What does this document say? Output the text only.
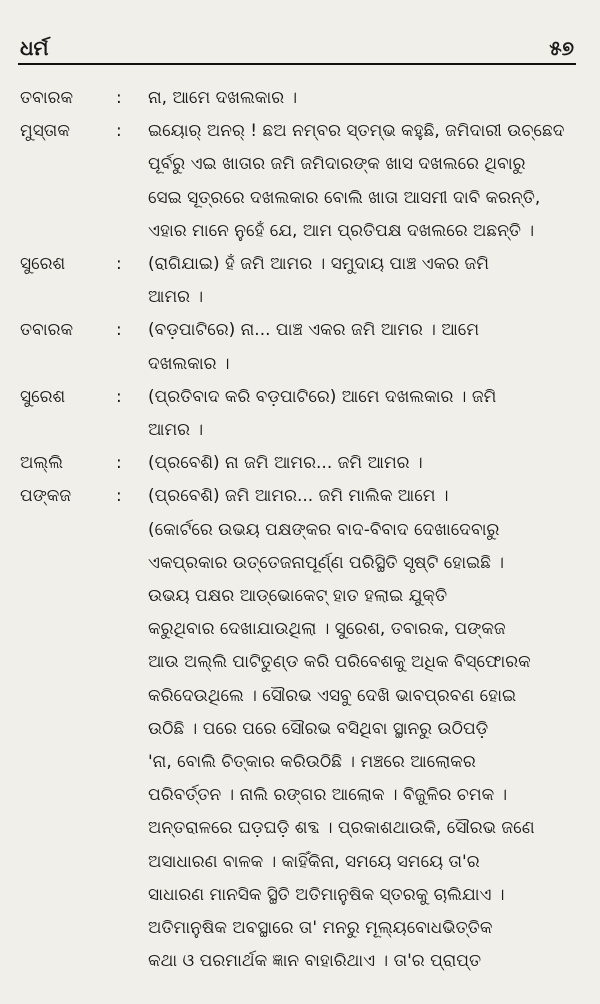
ଧର୍ମ	୫୭
ତବାରକ	: ନା, ଆମେ ଦଖଲକାର ।
ମୁସ୍ତାକ	: ଇୟୋର୍ ଅନର୍ ! ଛଅ ନମ୍ବର ସ୍ତମ୍ଭ କହୁଛି, ଜମିଦାରୀ ଉଚ୍ଛେଦ
ପୂର୍ବରୁ ଏଇ ଖାତାର ଜମି ଜମିଦାରଙ୍କ ଖାସ ଦଖଲରେ ଥିବାରୁ
ସେଇ ସୂତ୍ରରେ ଦଖଲକାର ବୋଲି ଖାତା ଆସମୀ ଦାବି କରନ୍ତି,
ଏହାର ମାନେ ନୁହେଁ ଯେ, ଆମ ପ୍ରତିପକ୍ଷ ଦଖଲରେ ଅଛନ୍ତି ।
ସୁରେଶ	: (ରାଗିଯାଇ) ହଁ ଜମି ଆମର । ସମୁଦାୟ ପାଞ୍ଚ ଏକର ଜମି
ଆମର ।
ତବାରକ	: (ବଡ଼ପାଟିରେ) ନା... ପାଞ୍ଚ ଏକର ଜମି ଆମର । ଆମେ
ଦଖଲକାର ।
ସୁରେଶ	: (ପ୍ରତିବାଦ କରି ବଡ଼ପାଟିରେ) ଆମେ ଦଖଲକାର । ଜମି
ଆମର ।
ଅଲ୍ଲି	: (ପ୍ରବେଶି) ନା ଜମି ଆମର... ଜମି ଆମର ।
ପଙ୍କଜ	: (ପ୍ରବେଶି) ଜମି ଆମର... ଜମି ମାଲିକ ଆମେ ।
(କୋର୍ଟରେ ଉଭୟ ପକ୍ଷଙ୍କର ବାଦ-ବିବାଦ ଦେଖାଦେବାରୁ
ଏକପ୍ରକାର ଉତ୍ତେଜନାପୂର୍ଣ୍ଣ ପରିସ୍ଥିତି ସୃଷ୍ଟି ହୋଇଛି ।
ଉଭୟ ପକ୍ଷର ଆଡ୍‌ଭୋକେଟ୍ ହାତ ହଲାଇ ଯୁକ୍ତି
କରୁଥିବାର ଦେଖାଯାଉଥିଲା । ସୁରେଶ, ତବାରକ, ପଙ୍କଜ
ଆଉ ଅଲ୍ଲି ପାଟିତୁଣ୍ଡ କରି ପରିବେଶକୁ ଅଧିକ ବିସ୍ଫୋରକ
କରିଦେଉଥିଲେ । ସୌରଭ ଏସବୁ ଦେଖି ଭାବପ୍ରବଣ ହୋଇ
ଉଠିଛି । ପରେ ପରେ ସୌରଭ ବସିଥିବା ସ୍ଥାନରୁ ଉଠିପଡ଼ି
'ନା, ବୋଲି ଚିତ୍କାର କରିଉଠିଛି । ମଞ୍ଚରେ ଆଲୋକର
ପରିବର୍ତ୍ତନ । ନାଲି ରଙ୍ଗର ଆଲୋକ । ବିଜୁଳିର ଚମକ ।
ଅନ୍ତରାଳରେ ଘଡ଼ଘଡ଼ି ଶବ୍ଦ । ପ୍ରକାଶଥାଉକି, ସୌରଭ ଜଣେ
ଅସାଧାରଣ ବାଳକ । କାହିଁକିନା, ସମୟେ ସମୟେ ତା'ର
ସାଧାରଣ ମାନସିକ ସ୍ଥିତି ଅତିମାନୁଷିକ ସ୍ତରକୁ ଚାଲିଯାଏ ।
ଅତିମାନୁଷିକ ଅବସ୍ଥାରେ ତା' ମନରୁ ମୂଲ୍ୟବୋଧଭିତ୍ତିକ
କଥା ଓ ପରମାର୍ଥକ ଜ୍ଞାନ ବାହାରିଥାଏ । ତା'ର ପ୍ରାପ୍ତ
